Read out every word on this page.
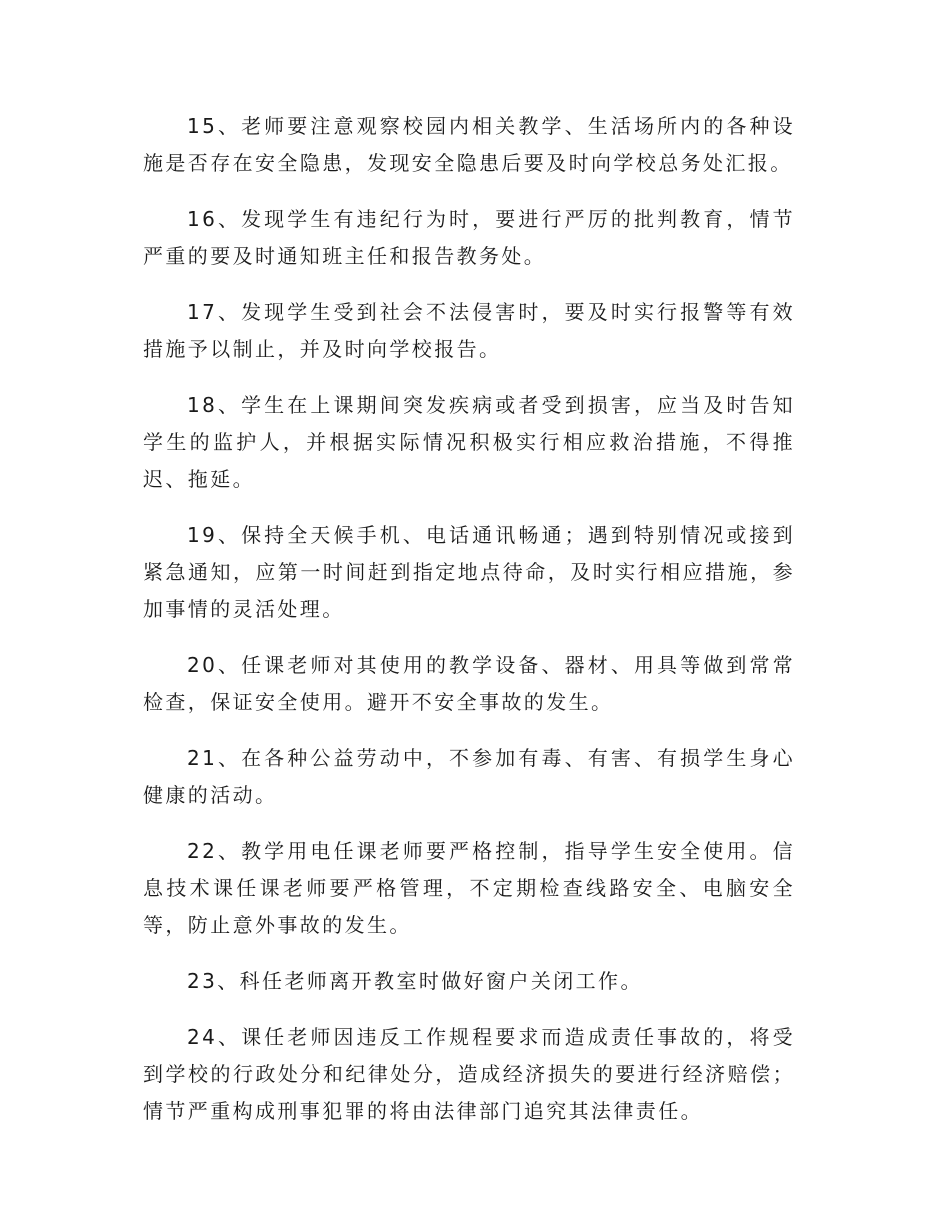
15、老师要注意观察校园内相关教学、生活场所内的各种设施是否存在安全隐患，发现安全隐患后要及时向学校总务处汇报。

16、发现学生有违纪行为时，要进行严厉的批判教育，情节严重的要及时通知班主任和报告教务处。

17、发现学生受到社会不法侵害时，要及时实行报警等有效措施予以制止，并及时向学校报告。

18、学生在上课期间突发疾病或者受到损害，应当及时告知学生的监护人，并根据实际情况积极实行相应救治措施，不得推迟、拖延。

19、保持全天候手机、电话通讯畅通；遇到特别情况或接到紧急通知，应第一时间赶到指定地点待命，及时实行相应措施，参加事情的灵活处理。

20、任课老师对其使用的教学设备、器材、用具等做到常常检查，保证安全使用。避开不安全事故的发生。

21、在各种公益劳动中，不参加有毒、有害、有损学生身心健康的活动。

22、教学用电任课老师要严格控制，指导学生安全使用。信息技术课任课老师要严格管理，不定期检查线路安全、电脑安全等，防止意外事故的发生。

23、科任老师离开教室时做好窗户关闭工作。

24、课任老师因违反工作规程要求而造成责任事故的，将受到学校的行政处分和纪律处分，造成经济损失的要进行经济赔偿；情节严重构成刑事犯罪的将由法律部门追究其法律责任。
